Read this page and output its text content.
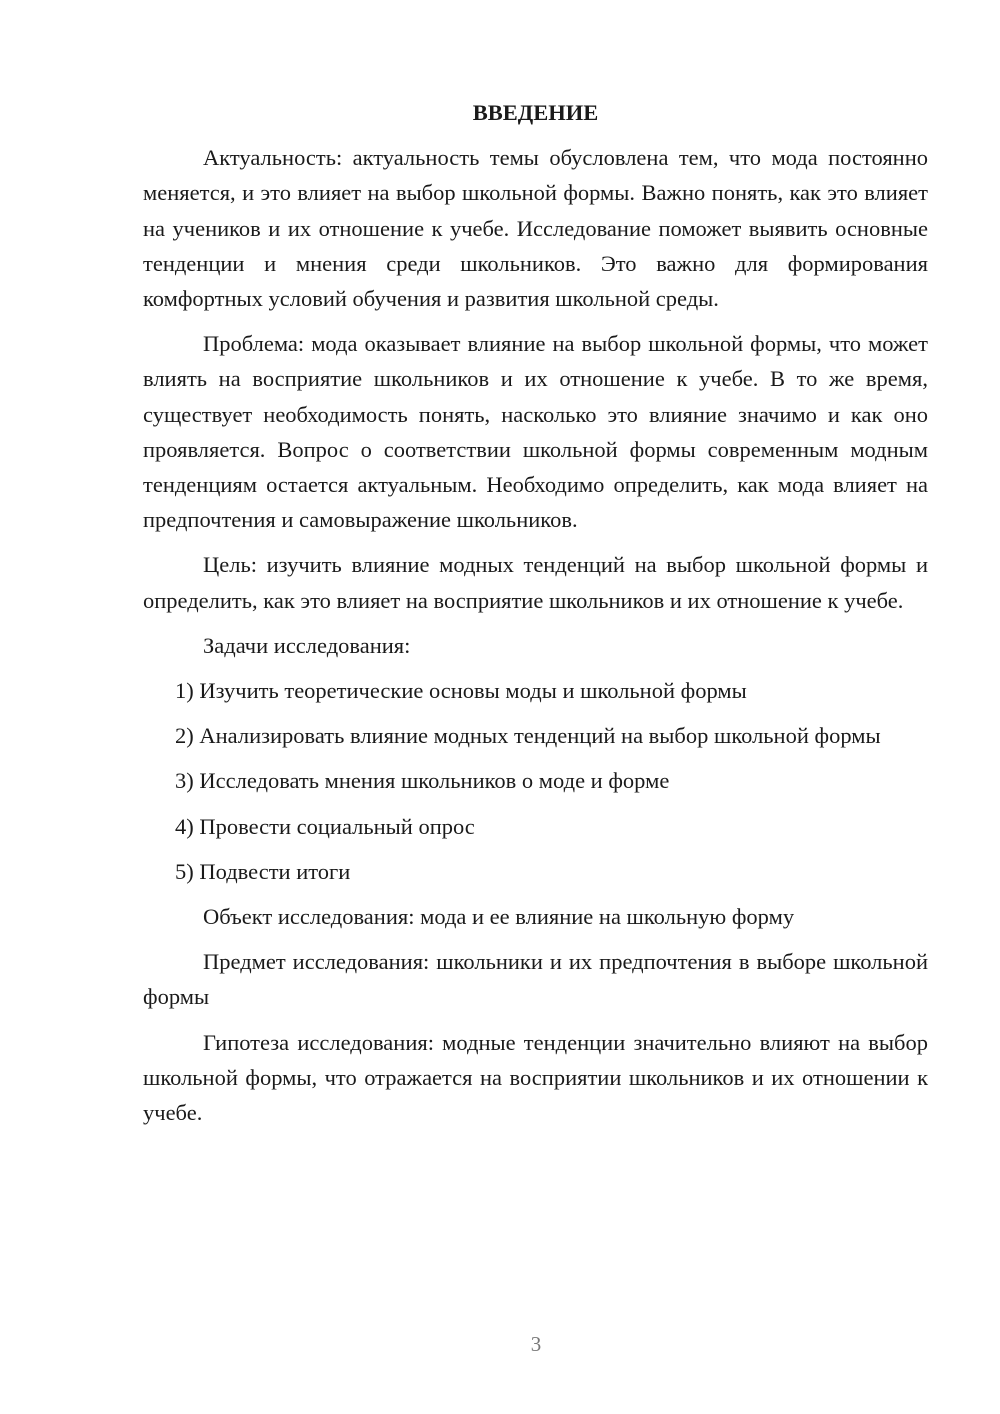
ВВЕДЕНИЕ

Актуальность: актуальность темы обусловлена тем, что мода постоянно меняется, и это влияет на выбор школьной формы. Важно понять, как это влияет на учеников и их отношение к учебе. Исследование поможет выявить основные тенденции и мнения среди школьников. Это важно для формирования комфортных условий обучения и развития школьной среды.

Проблема: мода оказывает влияние на выбор школьной формы, что может влиять на восприятие школьников и их отношение к учебе. В то же время, существует необходимость понять, насколько это влияние значимо и как оно проявляется. Вопрос о соответствии школьной формы современным модным тенденциям остается актуальным. Необходимо определить, как мода влияет на предпочтения и самовыражение школьников.

Цель: изучить влияние модных тенденций на выбор школьной формы и определить, как это влияет на восприятие школьников и их отношение к учебе.

Задачи исследования:

1) Изучить теоретические основы моды и школьной формы

2) Анализировать влияние модных тенденций на выбор школьной формы

3) Исследовать мнения школьников о моде и форме

4) Провести социальный опрос

5) Подвести итоги

Объект исследования: мода и ее влияние на школьную форму

Предмет исследования: школьники и их предпочтения в выборе школьной формы

Гипотеза исследования: модные тенденции значительно влияют на выбор школьной формы, что отражается на восприятии школьников и их отношении к учебе.

3
